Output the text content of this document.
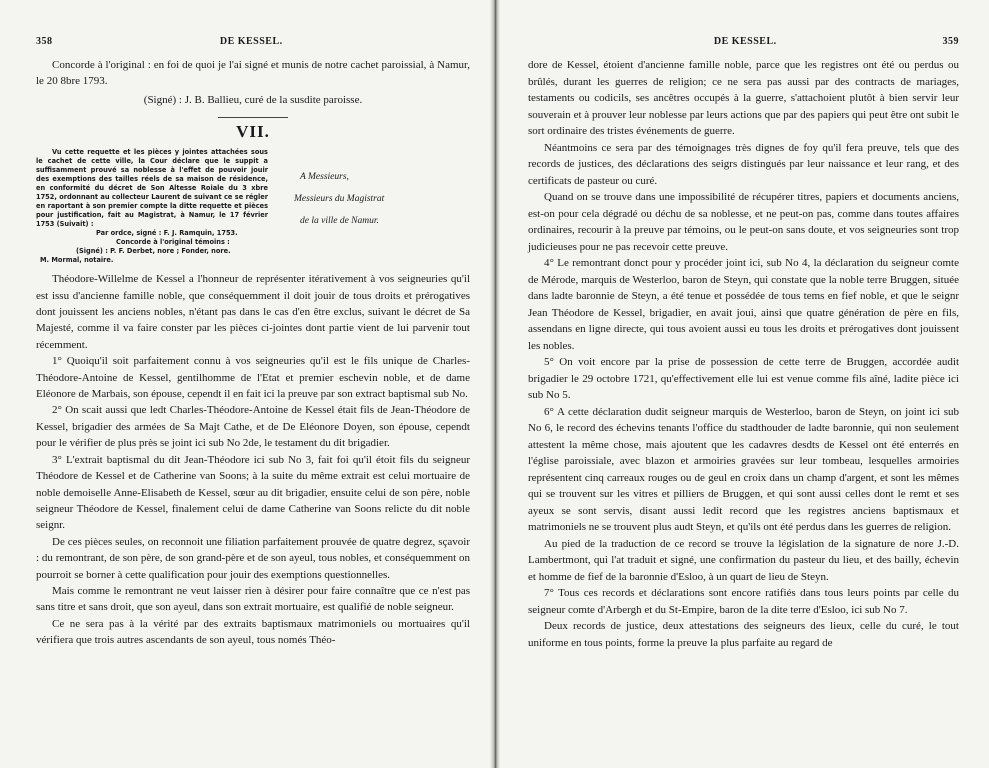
358	DE KESSEL.

Concorde à l'original : en foi de quoi je l'ai signé et munis de notre cachet paroissial, à Namur, le 20 8bre 1793.

(Signé) : J. B. Ballieu, curé de la susdite paroisse.

VII.

Vu cette requette et les pièces y jointes attachées sous le cachet de cette ville, la Cour déclare que le suppit a suffisamment prouvé sa noblesse à l'effet de pouvoir jouir des exemptions des tailles réels de sa maison de résidence, en conformité du décret de Son Altesse Roiale du 3 xbre 1752, ordonnant au collecteur Laurent de suivant ce se régler en raportant à son premier compte la ditte requette et pièces pour justification, fait au Magistrat, à Namur, le 17 février 1753 (Suivait) :

Par ordce, signé : F. J. Ramquin, 1753.

Concorde à l'original témoins :

(Signé) : P. F. Derbet, nore ; Fonder, nore.

M. Mormal, notaire.

A Messieurs,

Messieurs du Magistrat

de la ville de Namur.

Théodore-Willelme de Kessel a l'honneur de représenter itérativement à vos seigneuries qu'il est issu d'ancienne famille noble, que conséquemment il doit jouir de tous droits et prérogatives dont jouissent les anciens nobles, n'étant pas dans le cas d'en être exclus, suivant le décret de Sa Majesté, comme il va faire conster par les pièces ci-jointes dont partie vient de lui parvenir tout récemment.

1° Quoiqu'il soit parfaitement connu à vos seigneuries qu'il est le fils unique de Charles-Théodore-Antoine de Kessel, gentilhomme de l'Etat et premier eschevin noble, et de dame Eléonore de Marbais, son épouse, cependt il en fait ici la preuve par son extract baptismal sub No.

2° On scait aussi que ledt Charles-Théodore-Antoine de Kessel était fils de Jean-Théodore de Kessel, brigadier des armées de Sa Majt Cathe, et de De Eléonore Doyen, son épouse, cependt pour le vérifier de plus près se joint ici sub No 2de, le testament du dit brigadier.

3° L'extrait baptismal du dit Jean-Théodore ici sub No 3, fait foi qu'il étoit fils du seigneur Théodore de Kessel et de Catherine van Soons; à la suite du même extrait est celui mortuaire de noble demoiselle Anne-Elisabeth de Kessel, sœur au dit brigadier, ensuite celui de son père, noble seigneur Théodore de Kessel, finalement celui de dame Catherine van Soons relicte du dit noble seignr.

De ces pièces seules, on reconnoit une filiation parfaitement prouvée de quatre degrez, sçavoir : du remontrant, de son père, de son grand-père et de son ayeul, tous nobles, et conséquemment on pourroit se borner à cette qualification pour jouir des exemptions questionnelles.

Mais comme le remontrant ne veut laisser rien à désirer pour faire connaître que ce n'est pas sans titre et sans droit, que son ayeul, dans son extrait mortuaire, est qualifié de noble seigneur.

Ce ne sera pas à la vérité par des extraits baptismaux matrimoniels ou mortuaires qu'il vérifiera que trois autres ascendants de son ayeul, tous només Théo-

DE KESSEL.	359

dore de Kessel, étoient d'ancienne famille noble, parce que les registres ont été ou perdus ou brûlés, durant les guerres de religion; ce ne sera pas aussi par des contracts de mariages, testaments ou codicils, ses ancêtres occupés à la guerre, s'attachoient plutôt à bien servir leur souverain et à prouver leur noblesse par leurs actions que par des papiers qui peut être ont subit le sort ordinaire des tristes événements de guerre.

Néantmoins ce sera par des témoignages très dignes de foy qu'il fera preuve, tels que des records de justices, des déclarations des seigrs distingués par leur naissance et leur rang, et des certificats de pasteur ou curé.

Quand on se trouve dans une impossibilité de récupérer titres, papiers et documents anciens, est-on pour cela dégradé ou déchu de sa noblesse, et ne peut-on pas, comme dans toutes affaires ordinaires, recourir à la preuve par témoins, ou le peut-on sans doute, et vos seigneuries sont trop judicieuses pour ne pas recevoir cette preuve.

4° Le remontrant donct pour y procéder joint ici, sub No 4, la déclaration du seigneur comte de Mérode, marquis de Westerloo, baron de Steyn, qui constate que la noble terre Bruggen, située dans ladte baronnie de Steyn, a été tenue et possédée de tous tems en fief noble, et que le seignr Jean Théodore de Kessel, brigadier, en avait joui, ainsi que quatre génération de père en fils, assendans en ligne directe, qui tous avoient aussi eu tous les droits et prérogatives dont jouissent les nobles.

5° On voit encore par la prise de possession de cette terre de Bruggen, accordée audit brigadier le 29 octobre 1721, qu'effectivement elle lui est venue comme fils aîné, ladite pièce ici sub No 5.

6° A cette déclaration dudit seigneur marquis de Westerloo, baron de Steyn, on joint ici sub No 6, le record des échevins tenants l'office du stadthouder de ladte baronnie, qui non seulement attestent la même chose, mais ajoutent que les cadavres desdts de Kessel ont été enterrés en l'église paroissiale, avec blazon et armoiries gravées sur leur tombeau, lesquelles armoiries représentent cinq carreaux rouges ou de geul en croix dans un champ d'argent, et sont les mêmes qui se trouvent sur les vitres et pilliers de Bruggen, et qui sont aussi celles dont le remt et ses ayeux se sont servis, disant aussi ledit record que les registres anciens baptismaux et matrimoniels ne se trouvent plus audt Steyn, et qu'ils ont été perdus dans les guerres de religion.

Au pied de la traduction de ce record se trouve la législation de la signature de nore J.-D. Lambertmont, qui l'at traduit et signé, une confirmation du pasteur du lieu, et des bailly, échevin et homme de fief de la baronnie d'Esloo, à un quart de lieu de Steyn.

7° Tous ces records et déclarations sont encore ratifiés dans tous leurs points par celle du seigneur comte d'Arbergh et du St-Empire, baron de la dite terre d'Esloo, ici sub No 7.

Deux records de justice, deux attestations des seigneurs des lieux, celle du curé, le tout uniforme en tous points, forme la preuve la plus parfaite au regard de
